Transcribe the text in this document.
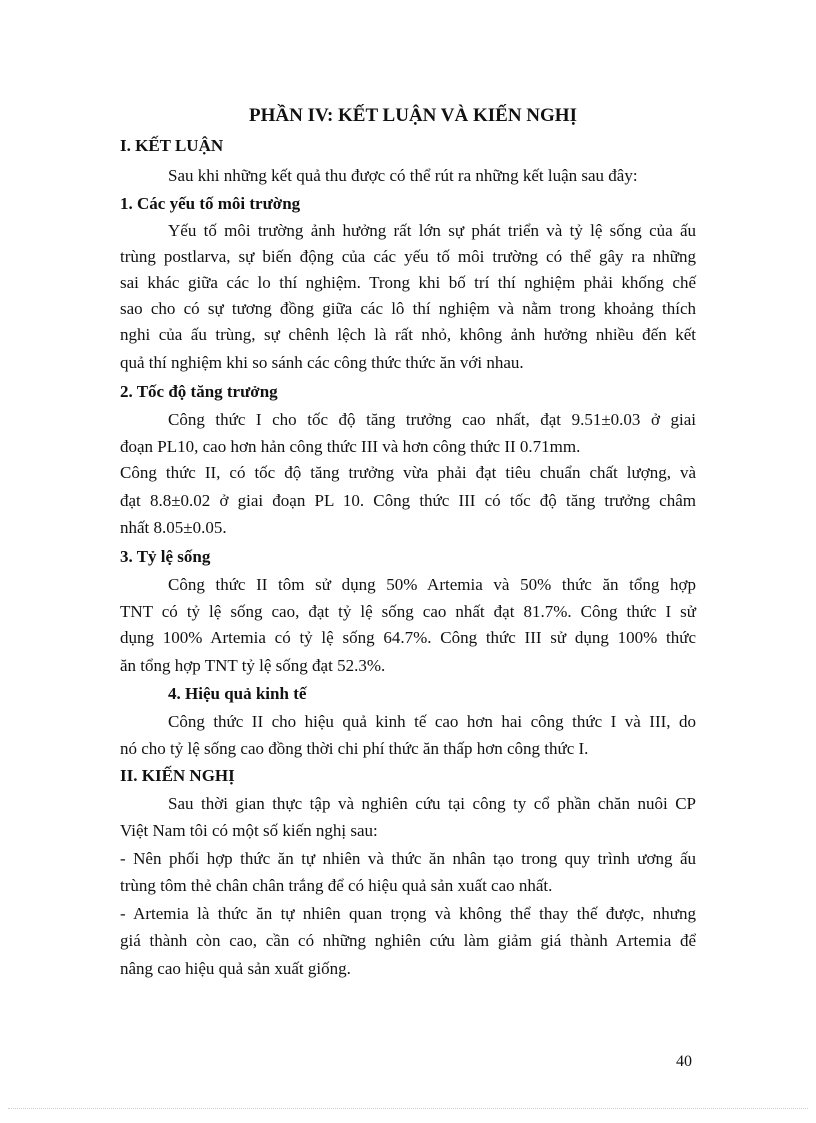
PHẦN IV: KẾT LUẬN VÀ KIẾN NGHỊ
I. KẾT LUẬN
Sau khi những kết quả thu được có thể rút ra những kết luận sau đây:
1. Các yếu tố môi trường
Yếu tố môi trường ảnh hưởng rất lớn sự phát triển và tỷ lệ sống của ấu
trùng postlarva, sự biến động của các yếu tố môi trường có thể gây ra những
sai khác giữa các lo thí nghiệm. Trong khi bố trí thí nghiệm phải khống chế
sao cho có sự tương đồng giữa các lô thí nghiệm và nằm trong khoảng thích
nghi của ấu trùng, sự chênh lệch là rất nhỏ, không ảnh hưởng nhiều đến kết
quả thí nghiệm khi so sánh các công thức thức ăn với nhau.
2. Tốc độ tăng trưởng
Công thức I cho tốc độ tăng trưởng cao nhất, đạt 9.51±0.03 ở giai
đoạn PL10, cao hơn hản công thức III và hơn công thức II 0.71mm.
Công thức II, có tốc độ tăng trưởng vừa phải đạt tiêu chuẩn chất lượng, và
đạt 8.8±0.02 ở giai đoạn PL 10. Công thức III có tốc độ tăng trưởng châm
nhất 8.05±0.05.
3. Tỷ lệ sống
Công thức II tôm sử dụng 50% Artemia và 50% thức ăn tổng hợp
TNT có tỷ lệ sống cao, đạt tỷ lệ sống cao nhất đạt 81.7%. Công thức I sử
dụng 100% Artemia có tỷ lệ sống 64.7%. Công thức III sử dụng 100% thức
ăn tổng hợp TNT tỷ lệ sống đạt 52.3%.
4. Hiệu quả kinh tế
Công thức II cho hiệu quả kinh tế cao hơn hai công thức I và III, do
nó cho tỷ lệ sống cao đồng thời chi phí thức ăn thấp hơn công thức I.
II. KIẾN NGHỊ
Sau thời gian thực tập và nghiên cứu tại công ty cổ phần chăn nuôi CP
Việt Nam tôi có một số kiến nghị sau:
- Nên phối hợp thức ăn tự nhiên và thức ăn nhân tạo trong quy trình ương ấu
trùng tôm thẻ chân chân trắng để có hiệu quả sản xuất cao nhất.
- Artemia là thức ăn tự nhiên quan trọng và không thể thay thế được, nhưng
giá thành còn cao, cần có những nghiên cứu làm giảm giá thành Artemia để
nâng cao hiệu quả sản xuất giống.
40
